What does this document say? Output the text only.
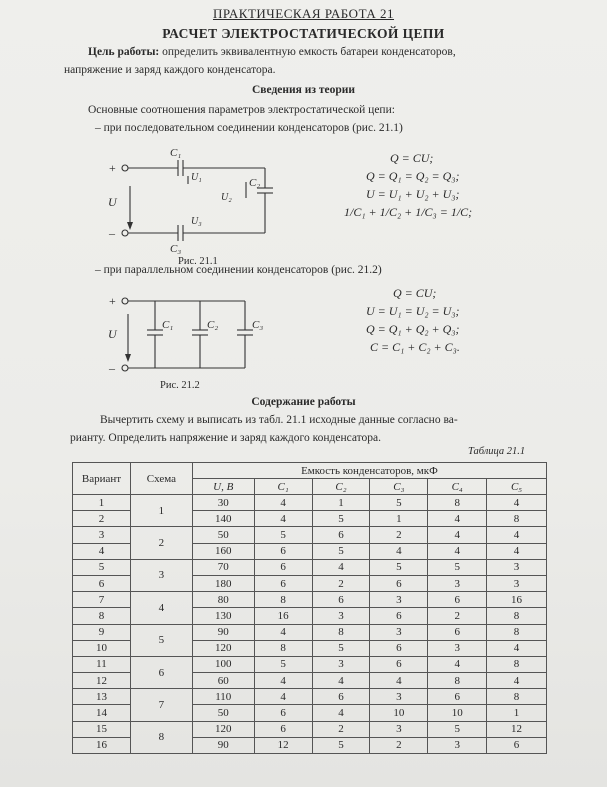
ПРАКТИЧЕСКАЯ РАБОТА 21
РАСЧЕТ ЭЛЕКТРОСТАТИЧЕСКОЙ ЦЕПИ
Цель работы: определить эквивалентную емкость батареи конденсаторов,
напряжение и заряд каждого конденсатора.
Сведения из теории
Основные соотношения параметров электростатической цепи:
– при последовательном соединении конденсаторов (рис. 21.1)
+
–
U
C₁
U₁	C₂
U₂
U₃
C₃
Рис. 21.1
Q = CU;
Q = Q₁ = Q₂ = Q₃;
U = U₁ + U₂ + U₃;
1/C₁ + 1/C₂ + 1/C₃ = 1/C;
– при параллельном соединении конденсаторов (рис. 21.2)
+
–
U
C₁	C₂	C₃
Рис. 21.2
Q = CU;
U = U₁ = U₂ = U₃;
Q = Q₁ + Q₂ + Q₃;
C = C₁ + C₂ + C₃.
Содержание работы
Вычертить схему и выписать из табл. 21.1 исходные данные согласно ва-
рианту. Определить напряжение и заряд каждого конденсатора.
Таблица 21.1
Вариант	Схема	Емкость конденсаторов, мкФ					
		U, В	C₁	C₂	C₃	C₄	C₅
1	1	30	4	1	5	8	4
2		140	4	5	1	4	8
3	2	50	5	6	2	4	4
4		160	6	5	4	4	4
5	3	70	6	4	5	5	3
6		180	6	2	6	3	3
7	4	80	8	6	3	6	16
8		130	16	3	6	2	8
9	5	90	4	8	3	6	8
10		120	8	5	6	3	4
11	6	100	5	3	6	4	8
12		60	4	4	4	8	4
13	7	110	4	6	3	6	8
14		50	6	4	10	10	1
15	8	120	6	2	3	5	12
16		90	12	5	2	3	6
